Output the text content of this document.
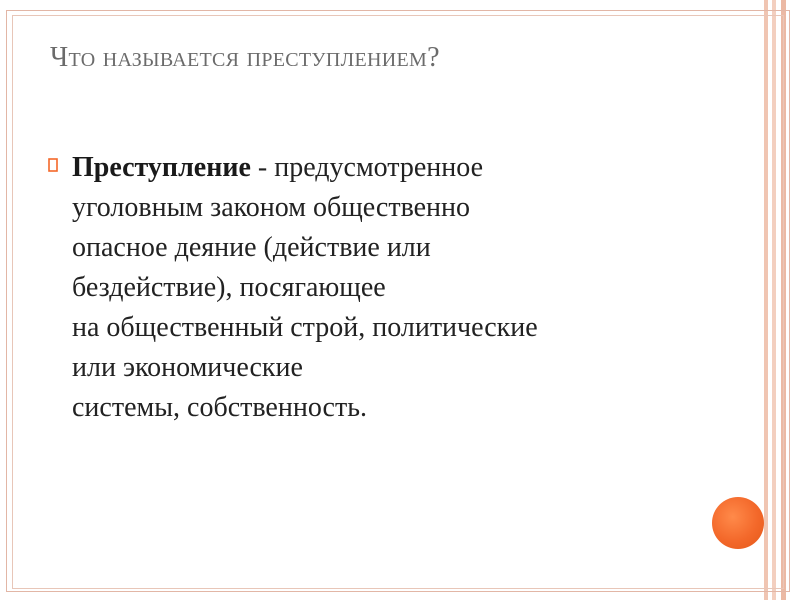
Что называется преступлением?
Преступление - предусмотренное
уголовным законом общественно
опасное деяние (действие или
бездействие), посягающее
на общественный строй, политические
или экономические
системы, собственность.
